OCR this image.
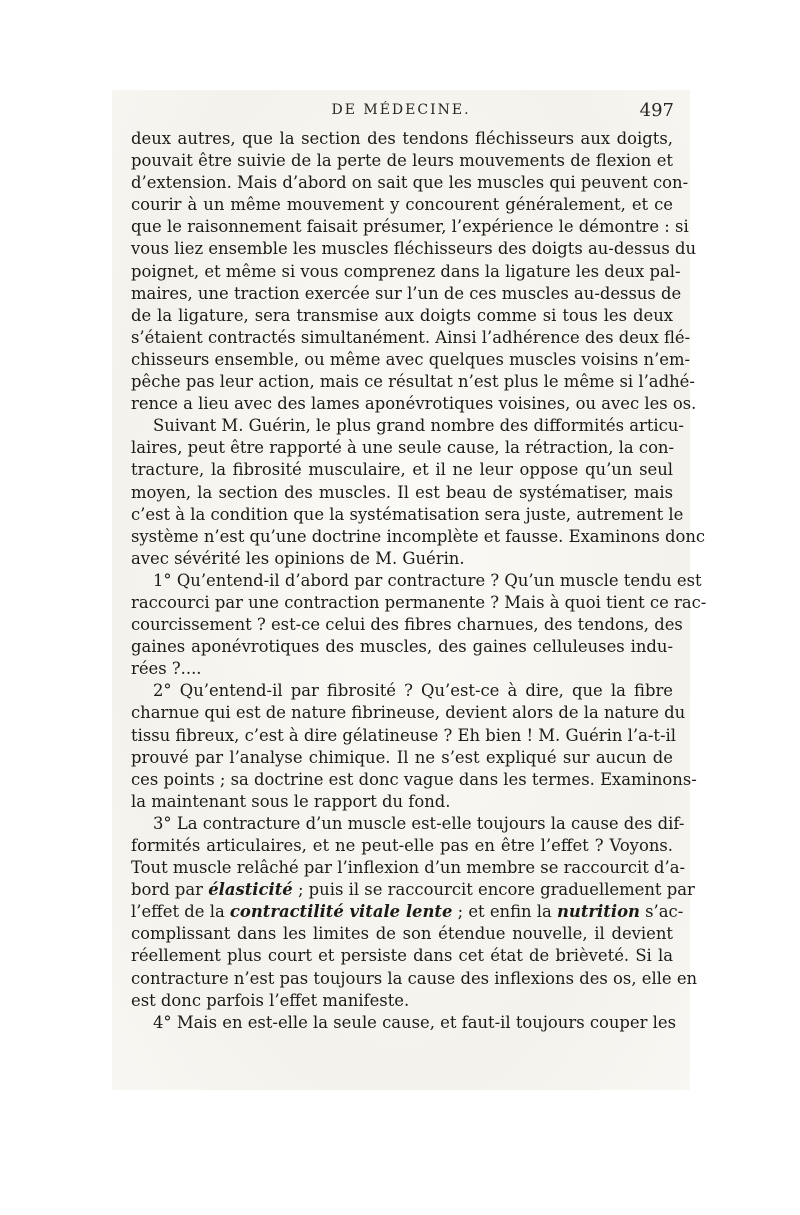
DE MÉDECINE.	497
deux autres, que la section des tendons fléchisseurs aux doigts,
pouvait être suivie de la perte de leurs mouvements de flexion et
d’extension. Mais d’abord on sait que les muscles qui peuvent con-
courir à un même mouvement y concourent généralement, et ce
que le raisonnement faisait présumer, l’expérience le démontre : si
vous liez ensemble les muscles fléchisseurs des doigts au-dessus du
poignet, et même si vous comprenez dans la ligature les deux pal-
maires, une traction exercée sur l’un de ces muscles au-dessus de
de la ligature, sera transmise aux doigts comme si tous les deux
s’étaient contractés simultanément. Ainsi l’adhérence des deux flé-
chisseurs ensemble, ou même avec quelques muscles voisins n’em-
pêche pas leur action, mais ce résultat n’est plus le même si l’adhé-
rence a lieu avec des lames aponévrotiques voisines, ou avec les os.
Suivant M. Guérin, le plus grand nombre des difformités articu-
laires, peut être rapporté à une seule cause, la rétraction, la con-
tracture, la fibrosité musculaire, et il ne leur oppose qu’un seul
moyen, la section des muscles. Il est beau de systématiser, mais
c’est à la condition que la systématisation sera juste, autrement le
système n’est qu’une doctrine incomplète et fausse. Examinons donc
avec sévérité les opinions de M. Guérin.
1° Qu’entend-il d’abord par contracture ? Qu’un muscle tendu est
raccourci par une contraction permanente ? Mais à quoi tient ce rac-
courcissement ? est-ce celui des fibres charnues, des tendons, des
gaines aponévrotiques des muscles, des gaines celluleuses indu-
rées ?....
2° Qu’entend-il par fibrosité ? Qu’est-ce à dire, que la fibre
charnue qui est de nature fibrineuse, devient alors de la nature du
tissu fibreux, c’est à dire gélatineuse ? Eh bien ! M. Guérin l’a-t-il
prouvé par l’analyse chimique. Il ne s’est expliqué sur aucun de
ces points ; sa doctrine est donc vague dans les termes. Examinons-
la maintenant sous le rapport du fond.
3° La contracture d’un muscle est-elle toujours la cause des dif-
formités articulaires, et ne peut-elle pas en être l’effet ? Voyons.
Tout muscle relâché par l’inflexion d’un membre se raccourcit d’a-
bord par élasticité ; puis il se raccourcit encore graduellement par
l’effet de la contractilité vitale lente ; et enfin la nutrition s’ac-
complissant dans les limites de son étendue nouvelle, il devient
réellement plus court et persiste dans cet état de brièveté. Si la
contracture n’est pas toujours la cause des inflexions des os, elle en
est donc parfois l’effet manifeste.
4° Mais en est-elle la seule cause, et faut-il toujours couper les
